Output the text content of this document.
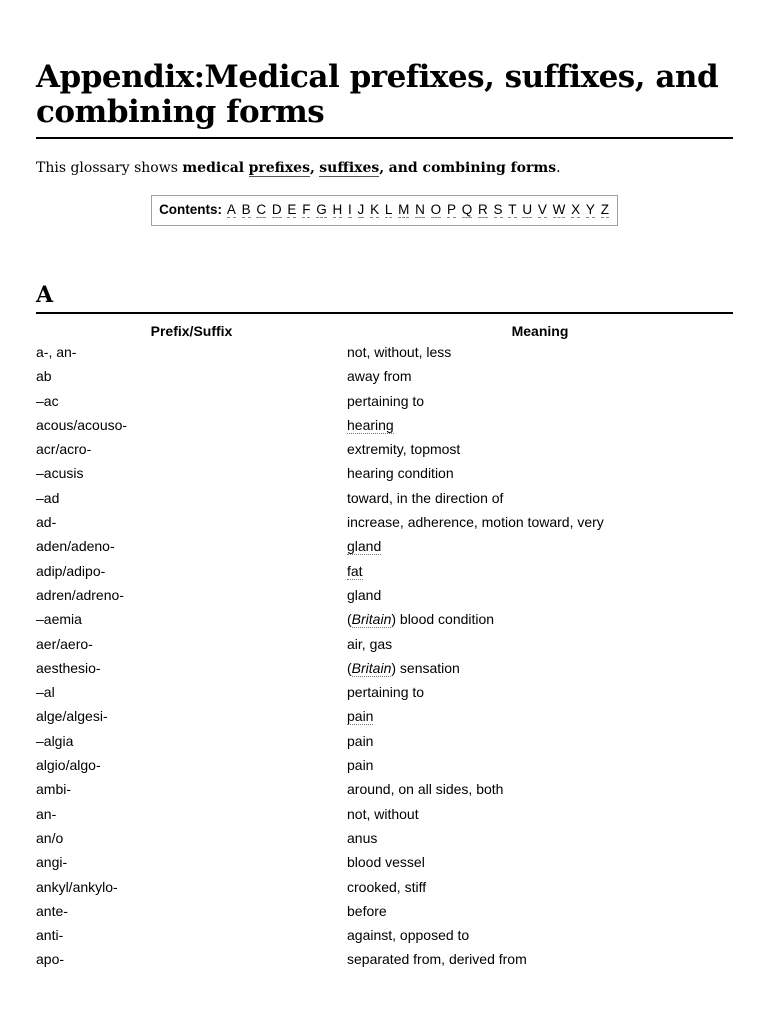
Appendix:Medical prefixes, suffixes, and combining forms
This glossary shows medical prefixes, suffixes, and combining forms.
Contents: A B C D E F G H I J K L M N O P Q R S T U V W X Y Z
A
Prefix/Suffix	Meaning
a-, an-	not, without, less
ab	away from
–ac	pertaining to
acous/acouso-	hearing
acr/acro-	extremity, topmost
–acusis	hearing condition
–ad	toward, in the direction of
ad-	increase, adherence, motion toward, very
aden/adeno-	gland
adip/adipo-	fat
adren/adreno-	gland
–aemia	(Britain) blood condition
aer/aero-	air, gas
aesthesio-	(Britain) sensation
–al	pertaining to
alge/algesi-	pain
–algia	pain
algio/algo-	pain
ambi-	around, on all sides, both
an-	not, without
an/o	anus
angi-	blood vessel
ankyl/ankylo-	crooked, stiff
ante-	before
anti-	against, opposed to
apo-	separated from, derived from
